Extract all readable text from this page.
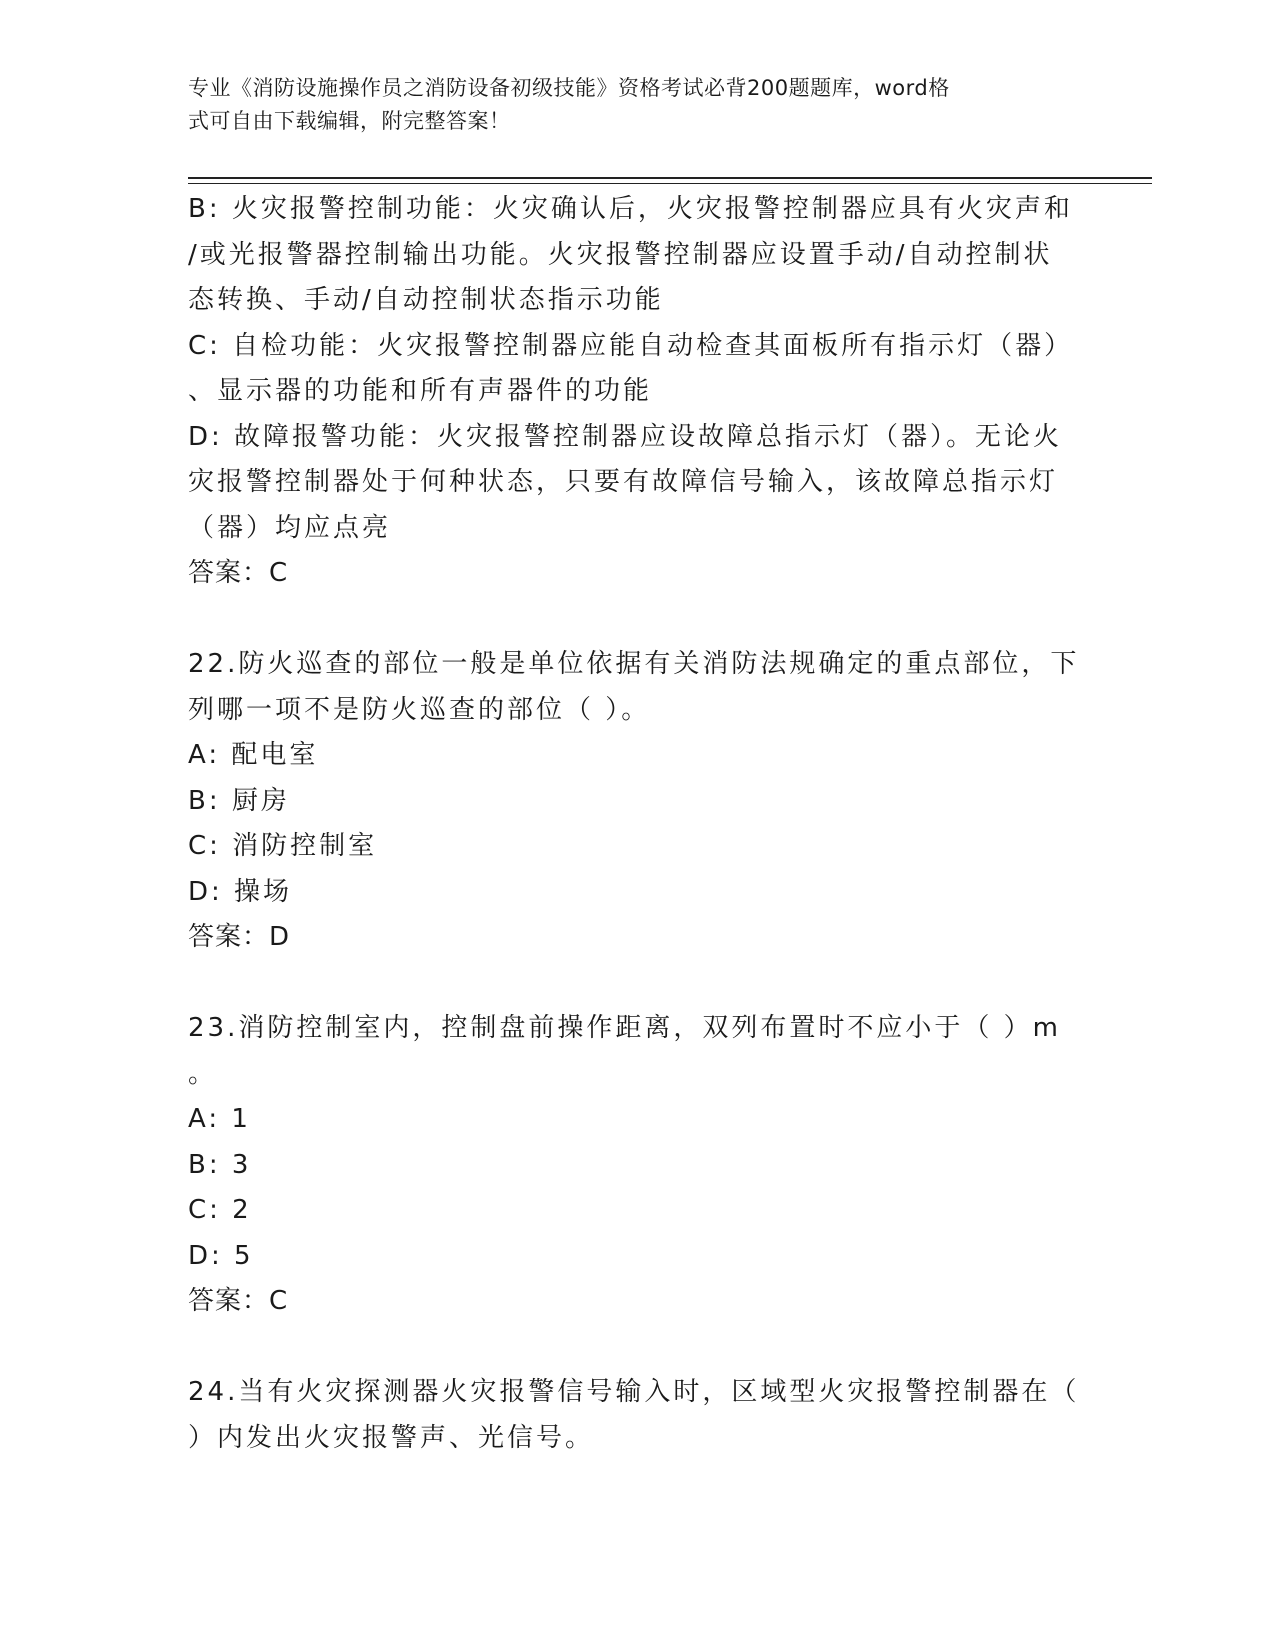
专业《消防设施操作员之消防设备初级技能》资格考试必背200题题库，word格
式可自由下载编辑，附完整答案！
B: 火灾报警控制功能：火灾确认后，火灾报警控制器应具有火灾声和
/或光报警器控制输出功能。火灾报警控制器应设置手动/自动控制状
态转换、手动/自动控制状态指示功能
C: 自检功能：火灾报警控制器应能自动检查其面板所有指示灯（器）
、显示器的功能和所有声器件的功能
D: 故障报警功能：火灾报警控制器应设故障总指示灯（器）。无论火
灾报警控制器处于何种状态，只要有故障信号输入，该故障总指示灯
（器）均应点亮
答案：C
22.防火巡查的部位一般是单位依据有关消防法规确定的重点部位，下
列哪一项不是防火巡查的部位（ ）。
A: 配电室
B: 厨房
C: 消防控制室
D: 操场
答案：D
23.消防控制室内，控制盘前操作距离，双列布置时不应小于（ ）m
。
A: 1
B: 3
C: 2
D: 5
答案：C
24.当有火灾探测器火灾报警信号输入时，区域型火灾报警控制器在（
）内发出火灾报警声、光信号。
